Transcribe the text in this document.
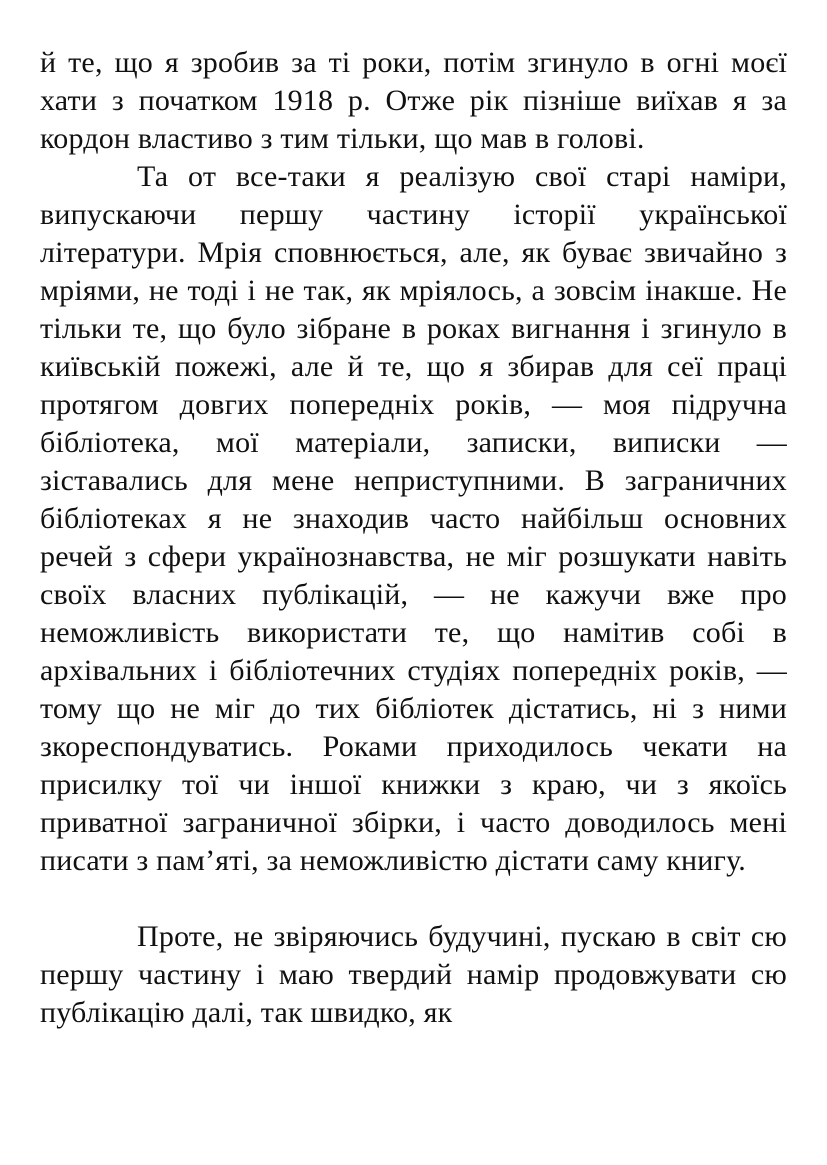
й те, що я зробив за ті роки, потім згинуло в огні моєї хати з початком 1918 р. Отже рік пізніше виїхав я за кордон властиво з тим тільки, що мав в голові.

Та от все-таки я реалізую свої старі наміри, випускаючи першу частину історії української літератури. Мрія сповнюється, але, як буває звичайно з мріями, не тоді і не так, як мріялось, а зовсім інакше. Не тільки те, що було зібране в роках вигнання і згинуло в київській пожежі, але й те, що я збирав для сеї праці протягом довгих попередніх років, — моя підручна бібліотека, мої матеріали, записки, виписки — зіставались для мене неприступними. В заграничних бібліотеках я не знаходив часто найбільш основних речей з сфери українознавства, не міг розшукати навіть своїх власних публікацій, — не кажучи вже про неможливість використати те, що намітив собі в архівальних і бібліотечних студіях попередніх років, — тому що не міг до тих бібліотек дістатись, ні з ними зкореспондуватись. Роками приходилось чекати на присилку тої чи іншої книжки з краю, чи з якоїсь приватної заграничної збірки, і часто доводилось мені писати з пам’яті, за неможливістю дістати саму книгу.

Проте, не звіряючись будучині, пускаю в світ сю першу частину і маю твердий намір продовжувати сю публікацію далі, так швидко, як
